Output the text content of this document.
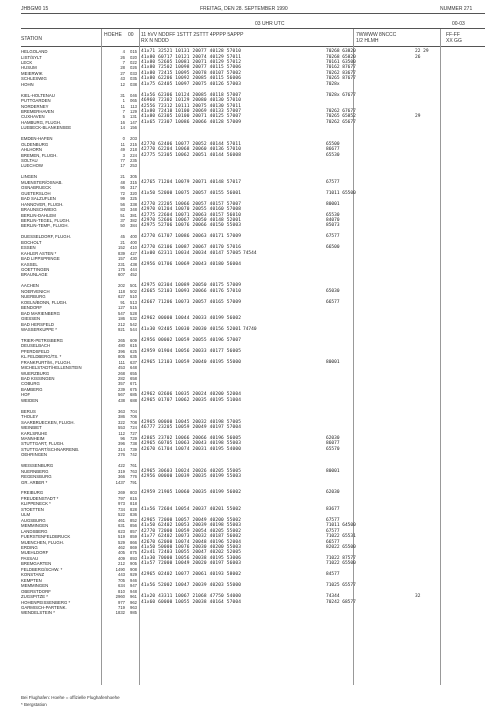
JHBGM0 15	FREITAG, DEN 28. SEPTEMBER 1990	NUMMER 271
03 UHR UTC	00-03
STATION
HOEHE 00 11 hVV NDDFF 1STTT 2STTT 4PPPP 5APPP
RX N NDDD
7WWWW 8NCCC
1/2 HLMH
FF-FF
XX GG
HELGOLAND	4	015 41x71 32521 10131 20077 40128 57010	70268 63820	22 29
LIST/SYLT	26	020 41x80 60717 10121 20074 40129 57011	70268 65820	26
LECK	7	022 41x80 52605 10081 20071 40129 57012	70161 63500
HUSUM	28	026 41x80 72502 10098 20077 40115 57006	70162 87677
MEIERWIK	27	033 41x80 72415 10095 20078 40107 57002	70262 83677
SCHLESWIG	43	035 41x80 62206 10092 20085 40115 56006	70265 87677
HOHN	12	038 41x75 62405 10097 20075 40126 57003	7028x
KIEL-HOLTENAU	31	046 41x56 62306 10124 20085 40118 57007	7028x 67677
PUTTGARDEN	1	065 46960 72302 10129 20080 40130 57010
NORDERNEY	11	113 42556 72312 10111 20075 40130 57011
BREMERHAVEN	7	129 41x80 72410 10100 20069 40133 57007	70262 67677
CUXHAVEN	5	131 41x80 62305 10100 20071 40125 57007	70265 65852	29
HAMBURG, FLUGH.	16	147 41x65 72307 10086 20066 40128 57009	70262 65677
LUEBECK-BLANKENSEE	14	156
EMDEN-HAFEN	0	203
OLDENBURG	11	215 42770 62406 10077 20052 40144 57011	65500
AHLHORN	49	218 42770 62204 10068 20060 40136 57010	86677
BREMEN, FLUGH.	3	224 42775 52305 10062 20051 40144 56008	65530
SOLTAU	77	235
LUECHOW	17	253
LINGEN	21	305
MUENSTER/OSNAB.	48	315 42765 71204 10079 20071 40148 57017	67577
OSNABRUECK	95	317
GUETERSLOH	72	320 41x50 52000 10075 20057 40155 56001	71011 65500
BAD SALZUFLEN	99	325
HANNOVER, FLUGH.	56	338 42770 22205 10066 20057 40157 57007	80001
BRAUNSCHWEIG	83	348 42970 01204 10070 20055 40160 57008
BERLIN-DAHLEM	51	381 42775 22604 10071 20063 40157 56010	65530
BERLIN-TEGEL, FLUGH.	37	382 42970 52606 10067 20050 40148 52001	84070
BERLIN-TEMP., FLUGH.	50	384 42975 52706 10076 20066 40150 55003	85073
DUESSELDORF, FLUGH.	45	400 42770 61707 10086 20063 40171 57009	67577
BOCHOLT	21	400
ESSEN	152	410 42770 62106 10087 20067 40170 57016	66500
KAHLER ASTEN *	839	427 41x00 62311 10034 20034 40147 57005 74544
BAD LIPPSPRINGE	157	430
KASSEL	231	438 42956 01706 10069 20043 40180 56004
GOETTINGEN	175	444
BRAUNLAGE	607	452
AACHEN	202	501 42975 02304 10089 20050 40175 57009
NOERVENICH	118	502 42665 52103 10093 20066 40176 57010	65030
NUERBURG	627	510
KOELN/BONN, FLUGH.	91	513 42667 71206 10073 20057 40165 57009	66577
BENDORF	127	515
BAD MARIENBERG	547	528
GIESSEN	186	532 42962 00000 10044 20033 40199 56002
BAD HERSFELD	212	542
WASSERKUPPE *	921	544 41x30 92405 10030 20030 40156 52001 74740
TRIER-PETRISBERG	265	609 42956 00002 10059 20055 40196 57007
DEUSELBACH	480	615
PFERDSFELD	396	625 42959 01904 10056 20033 40177 56005
KL.FELDBERG/TS. *	805	635
FRANKFURT/M., FLUGH.	111	637 42965 12103 10059 20040 40195 55000	80001
MICHELSTADT/HELLENSTEIN	453	648
WUERZBURG	268	655
BAD KISSINGEN	282	658
COBURG	357	671
BAMBERG	239	675
HOF	567	685 42962 02606 10035 20024 40200 52004
WEIDEN	438	688 42965 01707 10062 20035 40195 51004
BERUS	363	704
THOLEY	386	706
SAARBRUECKEN, FLUGH.	322	708 42965 00000 10045 20032 40198 57005
WEINBIET	553	724 46777 23205 10059 20049 40197 57004
KARLSRUHE	112	727
MANNHEIM	96	729 42865 23702 10066 20066 40196 56005	62030
STUTTGART, FLUGH.	396	738 42965 60705 10063 20043 40198 55003	86077
STUTTGART/SCHNARRENB.	314	739 42670 61704 10074 20031 40195 54000	65570
OEHRINGEN	276	742
WEISSENBURG	422	761
NUERNBERG	319	763 42965 30603 10024 20026 40205 55005	80001
REGENSBURG	366	776 42956 00000 10039 20035 40199 55003
GR. ARBER *	1437	791
FREIBURG	269	803 42959 21905 10060 20035 40199 56002	62030
FREUDENSTADT *	797	815
KLIPPENECK *	973	818
STOETTEN	734	828 41x56 72604 10054 20037 40201 55002	83677
ULM	522	836
AUGSBURG	461	852 42965 72000 10057 20049 40200 55002	67577
MEMMINGEN	631	856 41x50 62402 10053 20039 40198 55003	71011 64500
LANDSBERG	623	857 42770 72000 10059 20054 40205 55002	67577
FUERSTENFELDBRUCK	519	859 41x77 62402 10073 20032 40187 56002	71022 65531
MUENCHEN, FLUGH.	529	866 42670 62000 10074 20048 40196 52004	66577
ERDING	462	869 41x50 50000 10076 20030 40200 55003	82022 65500
MUEHLDORF	405	875 42x41 72403 10055 20047 40202 52005
PASSAU	409	893 41x30 70000 10056 20038 40195 53006	71022 87577
BREMGARTEN	212	905 41x57 72000 10049 20020 40197 56003	71022 65500
FELDBERG/SCHW. *	1490	908
KONSTANZ	443	929 42965 02402 10077 20061 40193 58002	84577
KEMPTEN	705	946
MEMMINGEN	634	947 41x56 52002 10047 20039 40203 55000	71025 65577
OBERSTDORF	810	948
ZUGSPITZE *	2960	961 41x20 43311 10067 21068 47750 54000	74344	32
HOHENPEISSENBERG *	977	962 41x60 60000 10055 20038 40164 57004	70242 68577
GARMISCH-PARTENK.	719	963
WENDELSTEIN *	1832	985
Bei Flughafen: Hoehe = offizielle Flughafenhoehe
* Bergstation
